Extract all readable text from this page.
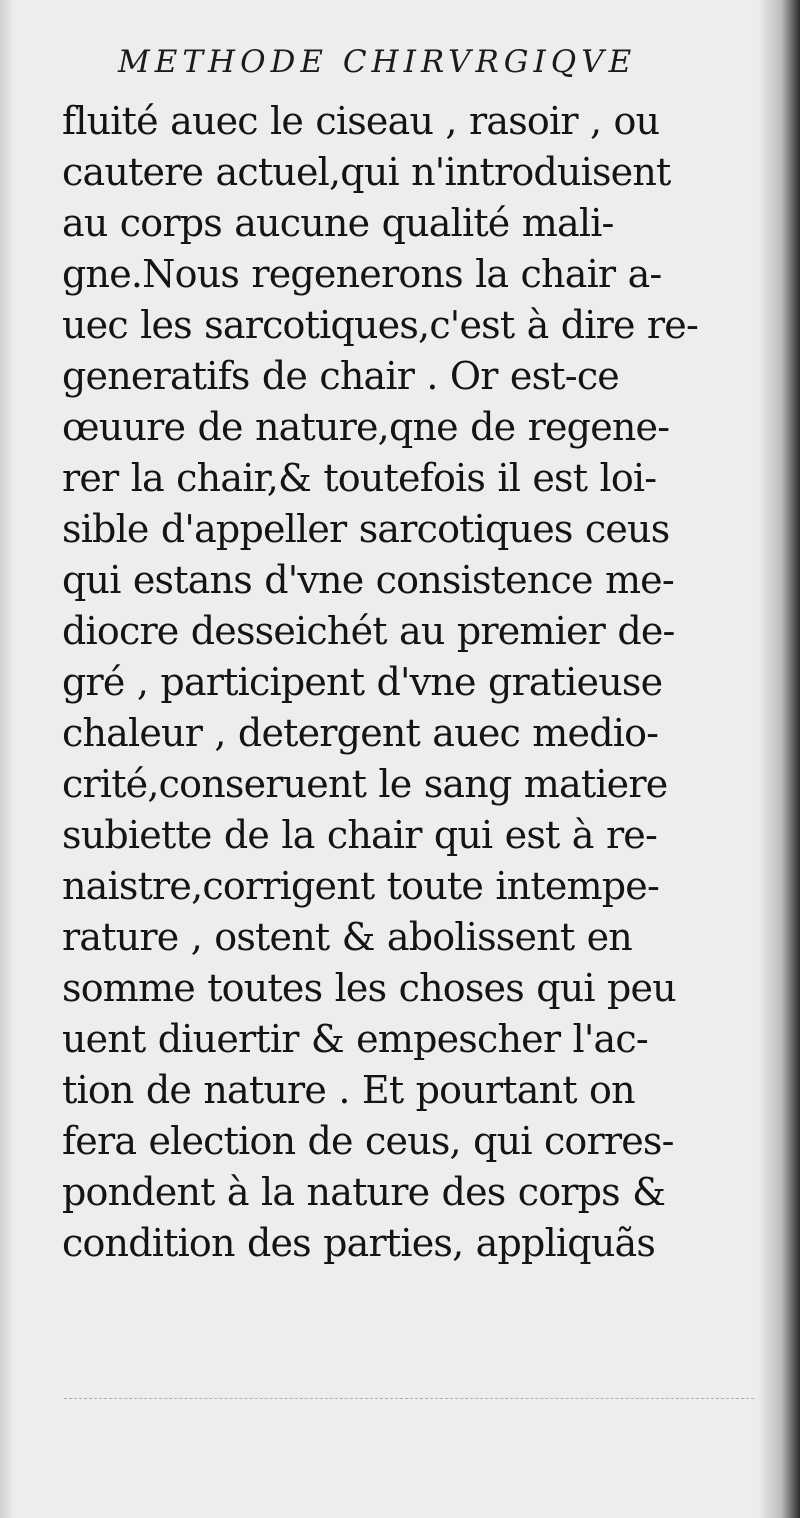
METHODE CHIRVRGIQVE
fluité auec le ciseau , rasoir , ou
cautere actuel,qui n'introduisent
au corps aucune qualité mali-
gne.Nous regenerons la chair a-
uec les sarcotiques,c'est à dire re-
generatifs de chair . Or est-ce
œuure de nature,qne de regene-
rer la chair,& toutefois il est loi-
sible d'appeller sarcotiques ceus
qui estans d'vne consistence me-
diocre desseichét au premier de-
gré , participent d'vne gratieuse
chaleur , detergent auec medio-
crité,conseruent le sang matiere
subiette de la chair qui est à re-
naistre,corrigent toute intempe-
rature , ostent & abolissent en
somme toutes les choses qui peu
uent diuertir & empescher l'ac-
tion de nature . Et pourtant on
fera election de ceus, qui corres-
pondent à la nature des corps &
condition des parties, appliquãs
